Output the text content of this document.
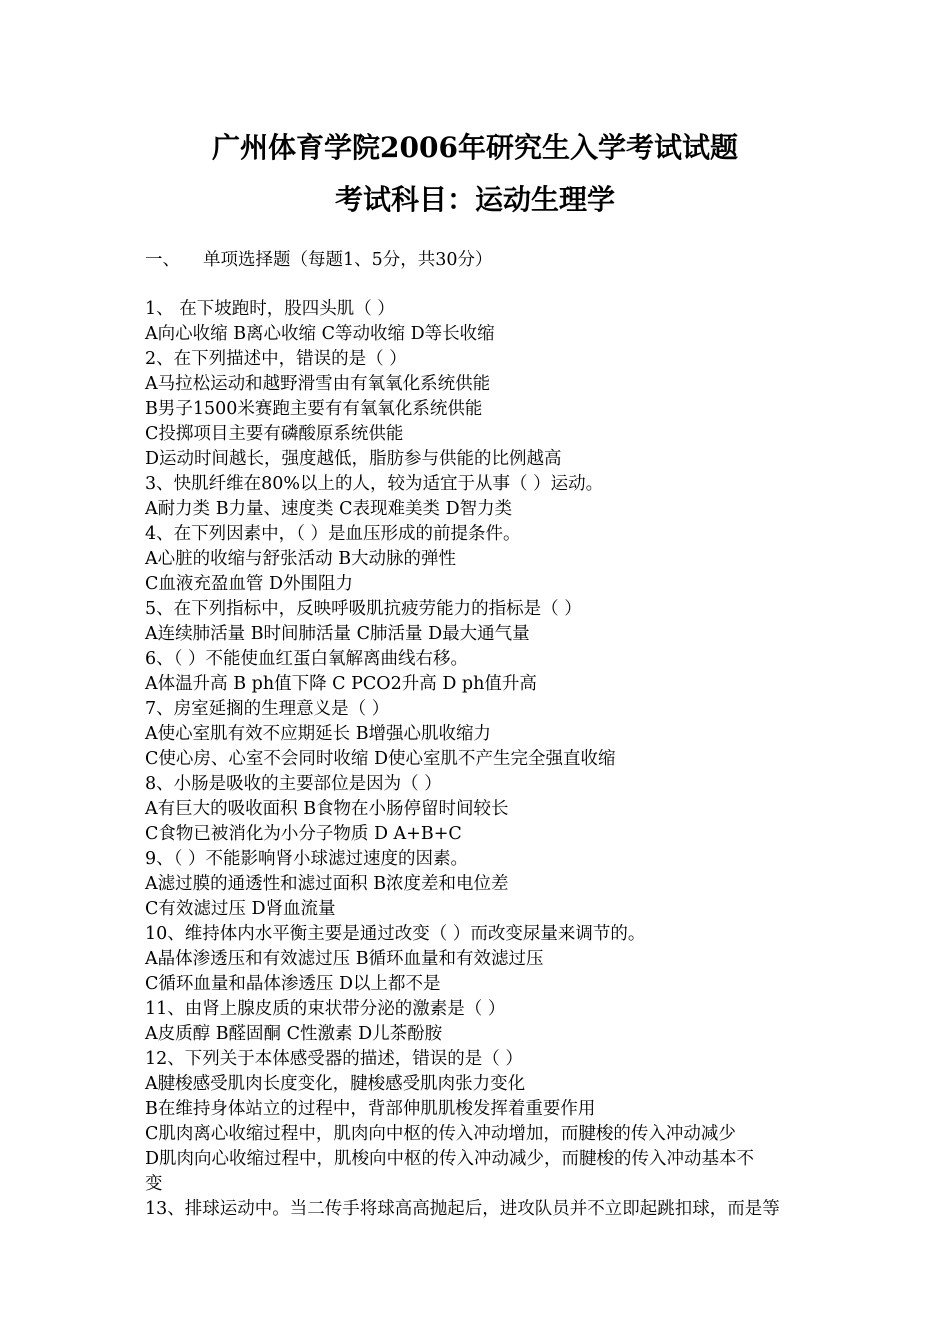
广州体育学院2006年研究生入学考试试题
考试科目：运动生理学
一、 单项选择题（每题1、5分，共30分）
1、 在下坡跑时，股四头肌（ ）
A向心收缩 B离心收缩 C等动收缩 D等长收缩
2、在下列描述中，错误的是（ ）
A马拉松运动和越野滑雪由有氧氧化系统供能
B男子1500米赛跑主要有有氧氧化系统供能
C投掷项目主要有磷酸原系统供能
D运动时间越长，强度越低，脂肪参与供能的比例越高
3、快肌纤维在80%以上的人，较为适宜于从事（ ）运动。
A耐力类 B力量、速度类 C表现难美类 D智力类
4、在下列因素中，（ ）是血压形成的前提条件。
A心脏的收缩与舒张活动 B大动脉的弹性
C血液充盈血管 D外围阻力
5、在下列指标中，反映呼吸肌抗疲劳能力的指标是（ ）
A连续肺活量 B时间肺活量 C肺活量 D最大通气量
6、（ ）不能使血红蛋白氧解离曲线右移。
A体温升高 B ph值下降 C PCO2升高 D ph值升高
7、房室延搁的生理意义是（ ）
A使心室肌有效不应期延长 B增强心肌收缩力
C使心房、心室不会同时收缩 D使心室肌不产生完全强直收缩
8、小肠是吸收的主要部位是因为（ ）
A有巨大的吸收面积 B食物在小肠停留时间较长
C食物已被消化为小分子物质 D A+B+C
9、（ ）不能影响肾小球滤过速度的因素。
A滤过膜的通透性和滤过面积 B浓度差和电位差
C有效滤过压 D肾血流量
10、维持体内水平衡主要是通过改变（ ）而改变尿量来调节的。
A晶体渗透压和有效滤过压 B循环血量和有效滤过压
C循环血量和晶体渗透压 D以上都不是
11、由肾上腺皮质的束状带分泌的激素是（ ）
A皮质醇 B醛固酮 C性激素 D儿茶酚胺
12、下列关于本体感受器的描述，错误的是（ ）
A腱梭感受肌肉长度变化，腱梭感受肌肉张力变化
B在维持身体站立的过程中，背部伸肌肌梭发挥着重要作用
C肌肉离心收缩过程中，肌肉向中枢的传入冲动增加，而腱梭的传入冲动减少
D肌肉向心收缩过程中，肌梭向中枢的传入冲动减少，而腱梭的传入冲动基本不
变
13、排球运动中。当二传手将球高高抛起后，进攻队员并不立即起跳扣球，而是等
